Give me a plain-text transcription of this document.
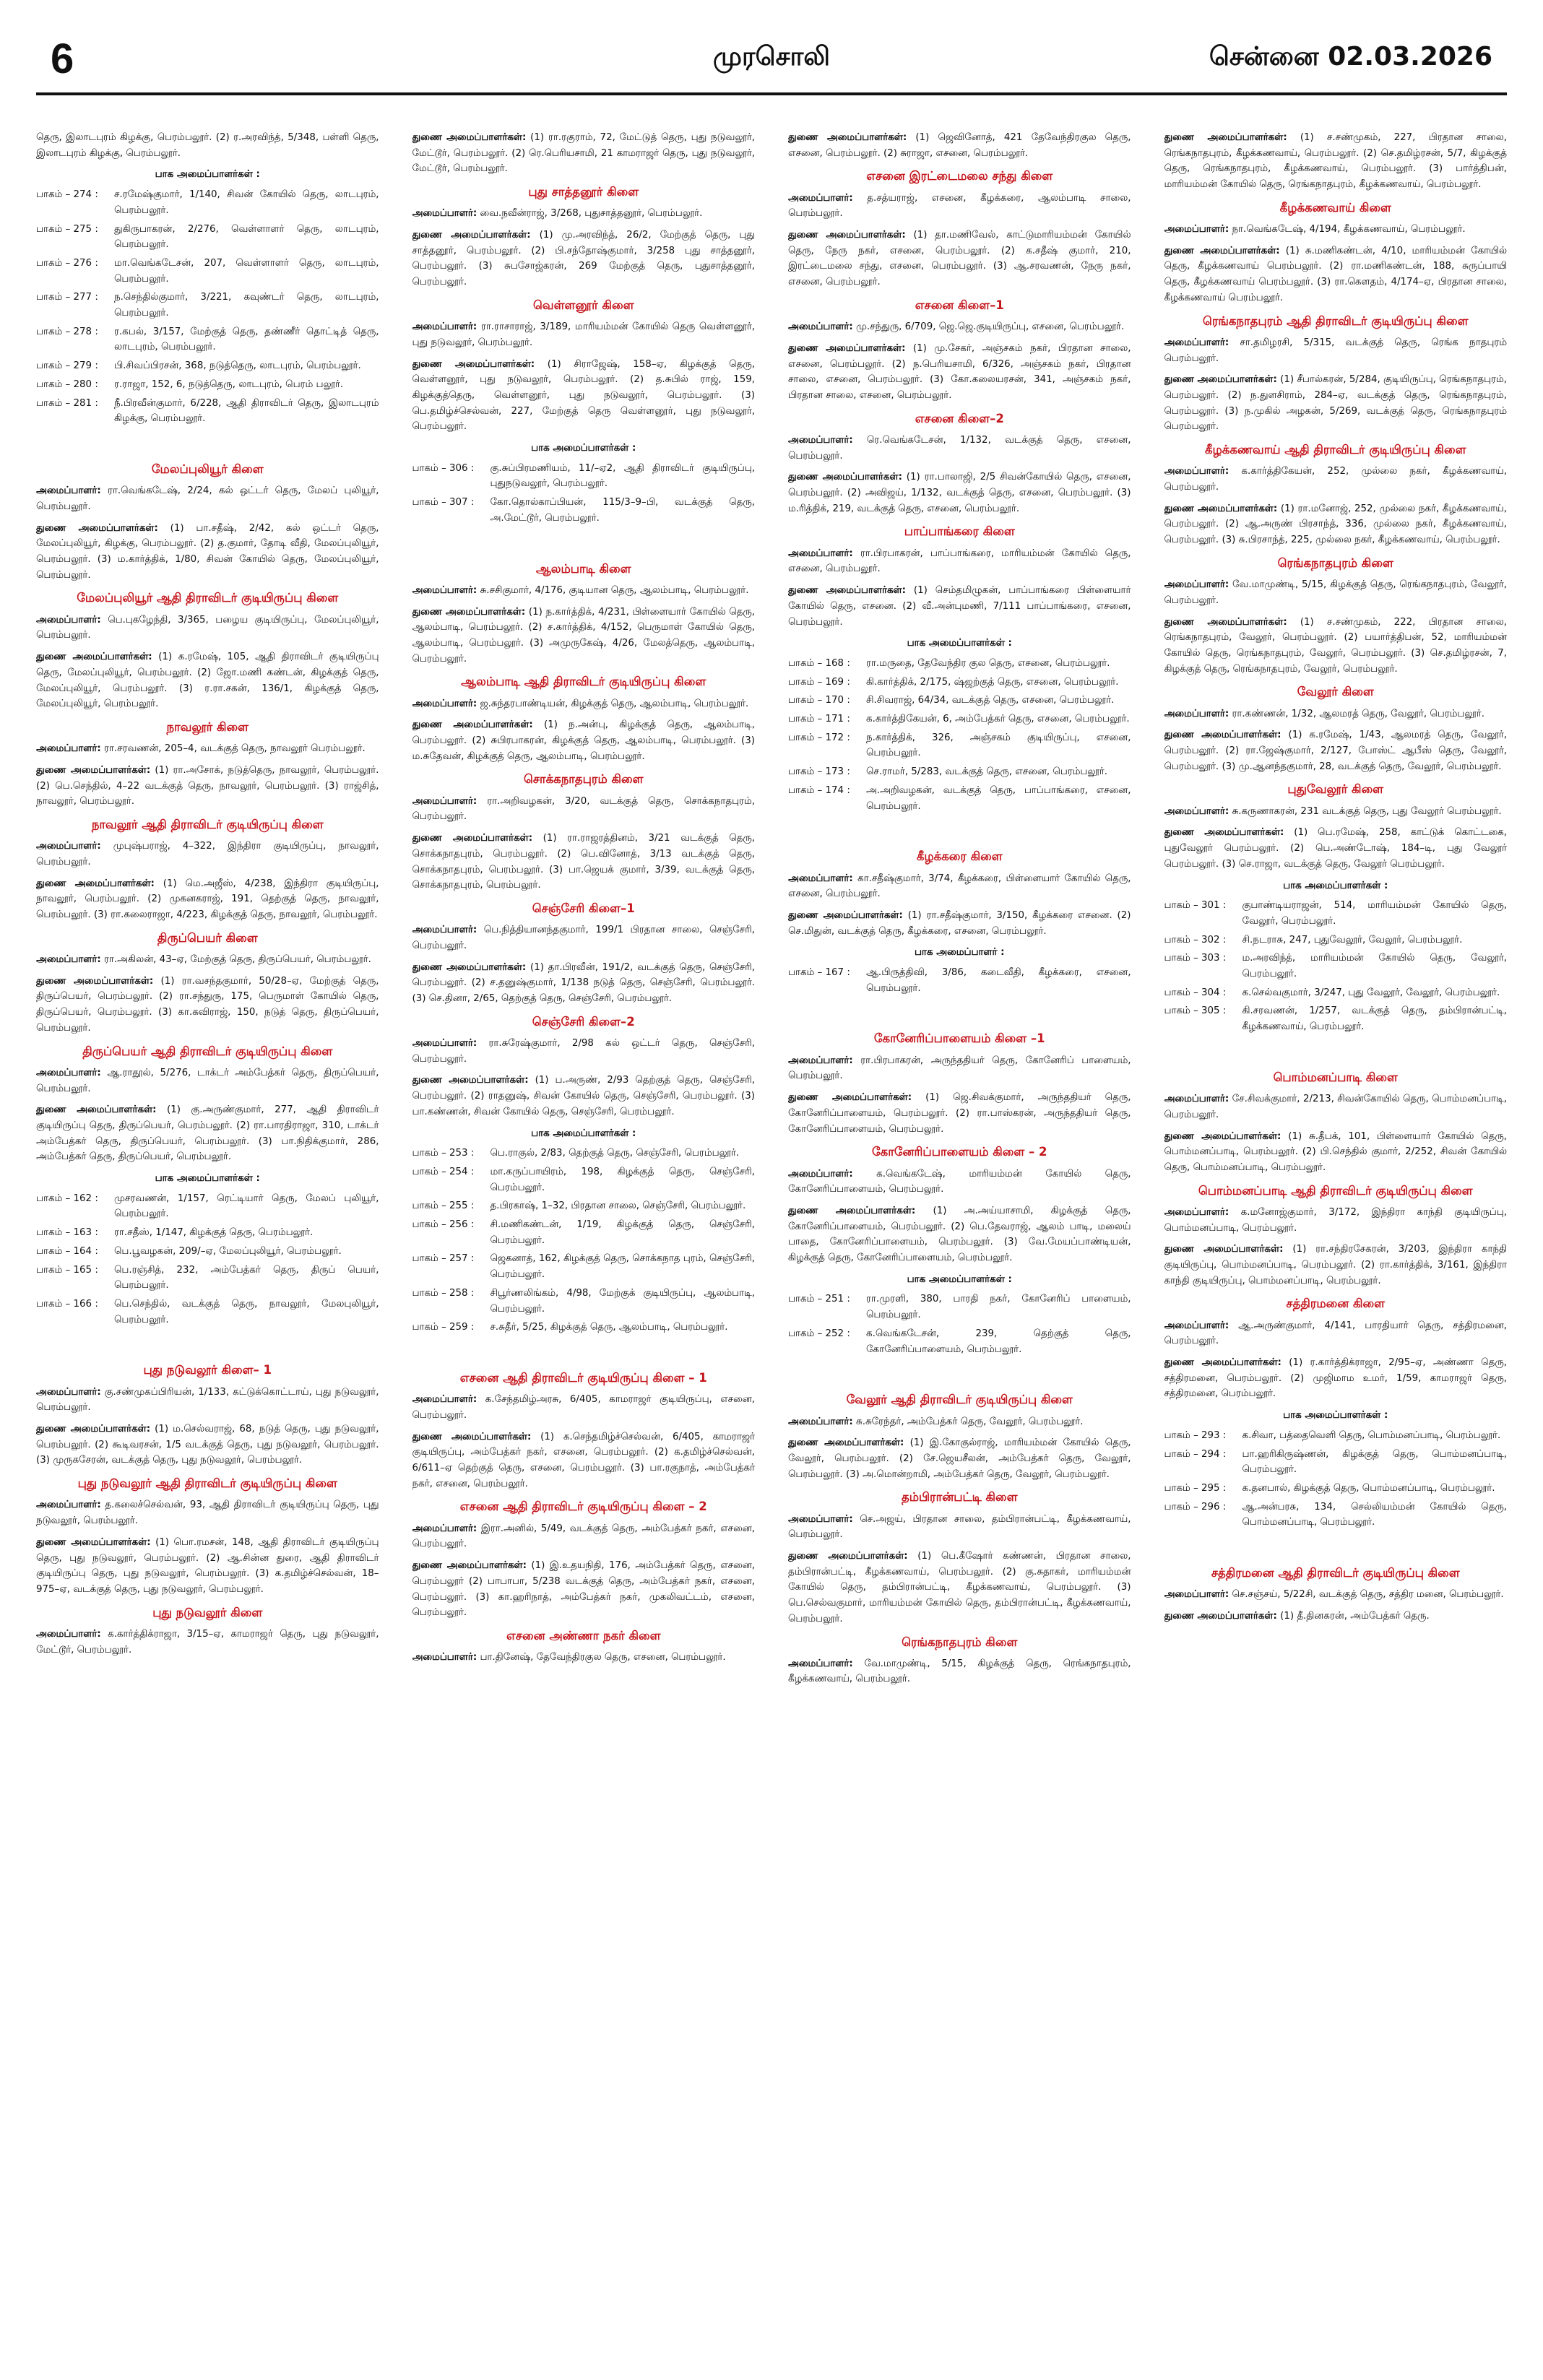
6	முரசொலி	சென்னை 02.03.2026

தெரு, இலாடபுரம் கிழக்கு, பெரம்பலூர். (2) ர.அரவிந்த், 5/348, பள்ளி தெரு, இலாடபுரம் கிழக்கு, பெரம்பலூர்.

பாக அமைப்பாளர்கள் :
பாகம் – 274 :	ச.ரமேஷ்குமார், 1/140, சிவன் கோயில் தெரு, லாடபுரம், பெரம்பலூர்.
பாகம் – 275 :	துகிருபாகரன், 2/276, வெள்ளாளர் தெரு, லாடபுரம், பெரம்பலூர்.
பாகம் – 276 :	மா.வெங்கடேசன், 207, வெள்ளாளர் தெரு, லாடபுரம், பெரம்பலூர்.
பாகம் – 277 :	ந.செந்தில்குமார், 3/221, கவுண்டர் தெரு, லாடபுரம், பெரம்பலூர்.
பாகம் – 278 :	ர.கபல், 3/157, மேற்குத் தெரு, தண்ணீர் தொட்டித் தெரு, லாடபுரம், பெரம்பலூர்.
பாகம் – 279 :	பி.சிவப்பிரசன், 368, நடுத்தெரு, லாடபுரம், பெரம்பலூர்.
பாகம் – 280 :	ர.ராஜா, 152, 6, நடுத்தெரு, லாடபுரம், பெரம் பலூர்.
பாகம் – 281 :	நீ.பிரவீன்குமார், 6/228, ஆதி திராவிடர் தெரு, இலாடபுரம் கிழக்கு, பெரம்பலூர்.
மேலப்புலியூர் கிளை

அமைப்பாளர்: ரா.வெங்கடேஷ், 2/24, கல் ஒட்டர் தெரு, மேலப் புலியூர், பெரம்பலூர்.

துணை அமைப்பாளர்கள்: (1) பா.சதீஷ், 2/42, கல் ஒட்டர் தெரு, மேலப்புலியூர், கிழக்கு, பெரம்பலூர். (2) த.குமார், தோடி வீதி, மேலப்புலியூர், பெரம்பலூர். (3) ம.கார்த்திக், 1/80, சிவன் கோயில் தெரு, மேலப்புலியூர், பெரம்பலூர்.

மேலப்புலியூர் ஆதி திராவிடர் குடியிருப்பு கிளை

அமைப்பாளர்: பெ.புகழேந்தி, 3/365, பழைய குடியிருப்பு, மேலப்புலியூர், பெரம்பலூர்.

துணை அமைப்பாளர்கள்: (1) க.ரமேஷ், 105, ஆதி திராவிடர் குடியிருப்பு தெரு, மேலப்புலியூர், பெரம்பலூர். (2) ஜோ.மணி கண்டன், கிழக்குத் தெரு, மேலப்புலியூர், பெரம்பலூர். (3) ர.ரா.சகன், 136/1, கிழக்குத் தெரு, மேலப்புலியூர், பெரம்பலூர்.

நாவலூர் கிளை

அமைப்பாளர்: ரா.சரவணன், 205–4, வடக்குத் தெரு, நாவலூர் பெரம்பலூர்.

துணை அமைப்பாளர்கள்: (1) ரா.அசோக், நடுத்தெரு, நாவலூர், பெரம்பலூர். (2) பெ.செந்தில், 4–22 வடக்குத் தெரு, நாவலூர், பெரம்பலூர். (3) ராஜ்சித், நாவலூர், பெரம்பலூர்.

நாவலூர் ஆதி திராவிடர் குடியிருப்பு கிளை

அமைப்பாளர்: முபுஷ்பராஜ், 4–322, இந்திரா குடியிருப்பு, நாவலூர், பெரம்பலூர்.

துணை அமைப்பாளர்கள்: (1) மெ.அஜீஸ், 4/238, இந்திரா குடியிருப்பு, நாவலூர், பெரம்பலூர். (2) முகனகராஜ், 191, தெற்குத் தெரு, நாவலூர், பெரம்பலூர். (3) ரா.கலைராஜா, 4/223, கிழக்குத் தெரு, நாவலூர், பெரம்பலூர்.

திருப்பெயர் கிளை

அமைப்பாளர்: ரா.அகிலன், 43–ஏ, மேற்குத் தெரு, திருப்பெயர், பெரம்பலூர்.

துணை அமைப்பாளர்கள்: (1) ரா.வசந்தகுமார், 50/28–ஏ, மேற்குத் தெரு, திருப்பெயர், பெரம்பலூர். (2) ரா.சந்துரு, 175, பெருமாள் கோயில் தெரு, திருப்பெயர், பெரம்பலூர். (3) கா.கவிராஜ், 150, நடுத் தெரு, திருப்பெயர், பெரம்பலூர்.

திருப்பெயர் ஆதி திராவிடர் குடியிருப்பு கிளை

அமைப்பாளர்: ஆ.ராதூல், 5/276, டாக்டர் அம்பேத்கர் தெரு, திருப்பெயர், பெரம்பலூர்.

துணை அமைப்பாளர்கள்: (1) கு.அருண்குமார், 277, ஆதி திராவிடர் குடியிருப்பு தெரு, திருப்பெயர், பெரம்பலூர். (2) ரா.பாரதிராஜா, 310, டாக்டர் அம்பேத்கர் தெரு, திருப்பெயர், பெரம்பலூர். (3) பா.நிதிக்குமார், 286, அம்பேத்கர் தெரு, திருப்பெயர், பெரம்பலூர்.

பாக அமைப்பாளர்கள் :
பாகம் – 162 :	முசரவணன், 1/157, ரெட்டியார் தெரு, மேலப் புலியூர், பெரம்பலூர்.
பாகம் – 163 :	ரா.சதீஸ், 1/147, கிழக்குத் தெரு, பெரம்பலூர்.
பாகம் – 164 :	பெ.பூவழகன், 209/–ஏ, மேலப்புலியூர், பெரம்பலூர்.
பாகம் – 165 :	பெ.ரஞ்சித், 232, அம்பேத்கர் தெரு, திருப் பெயர், பெரம்பலூர்.
பாகம் – 166 :	பெ.செந்தில், வடக்குத் தெரு, நாவலூர், மேலபுலியூர், பெரம்பலூர்.
புது நடுவலூர் கிளை– 1

அமைப்பாளர்: கு.சண்முகப்பிரியன், 1/133, கட்டுக்கொட்டாய், புது நடுவலூர், பெரம்பலூர்.

துணை அமைப்பாளர்கள்: (1) ம.செல்வராஜ், 68, நடுத் தெரு, புது நடுவலூர், பெரம்பலூர். (2) கூடிவரசன், 1/5 வடக்குத் தெரு, புது நடுவலூர், பெரம்பலூர். (3) முருகசேரன், வடக்குத் தெரு, புது நடுவலூர், பெரம்பலூர்.

புது நடுவலூர் ஆதி திராவிடர் குடியிருப்பு கிளை

அமைப்பாளர்: த.கலைச்செல்வன், 93, ஆதி திராவிடர் குடியிருப்பு தெரு, புது நடுவலூர், பெரம்பலூர்.

துணை அமைப்பாளர்கள்: (1) பொ.ரமசன், 148, ஆதி திராவிடர் குடியிருப்பு தெரு, புது நடுவலூர், பெரம்பலூர். (2) ஆ.சின்ன துரை, ஆதி திராவிடர் குடியிருப்பு தெரு, புது நடுவலூர், பெரம்பலூர். (3) க.தமிழ்ச்செல்வன், 18–975–ஏ, வடக்குத் தெரு, புது நடுவலூர், பெரம்பலூர்.

புது நடுவலூர் கிளை

அமைப்பாளர்: க.கார்த்திக்ராஜா, 3/15–ஏ, காமராஜர் தெரு, புது நடுவலூர், மேட்டூர், பெரம்பலூர்.

துணை அமைப்பாளர்கள்: (1) ரா.ரகுராம், 72, மேட்டுத் தெரு, புது நடுவலூர், மேட்டூர், பெரம்பலூர். (2) ரெ.பெரியசாமி, 21 காமராஜர் தெரு, புது நடுவலூர், மேட்டூர், பெரம்பலூர்.

புது சாத்தனூர் கிளை

அமைப்பாளர்: வை.நவீன்ராஜ், 3/268, புதுசாத்தனூர், பெரம்பலூர்.

துணை அமைப்பாளர்கள்: (1) மு.அரவிந்த், 26/2, மேற்குத் தெரு, புது சாத்தனூர், பெரம்பலூர். (2) பி.சந்தோஷ்குமார், 3/258 புது சாத்தனூர், பெரம்பலூர். (3) சுபசோஜ்கரன், 269 மேற்குத் தெரு, புதுசாத்தனூர், பெரம்பலூர்.

வெள்ளனூர் கிளை

அமைப்பாளர்: ரா.ராசாராஜ், 3/189, மாரியம்மன் கோயில் தெரு வெள்ளனூர், புது நடுவலூர், பெரம்பலூர்.

துணை அமைப்பாளர்கள்: (1) சிராஜேஷ், 158–ஏ, கிழக்குத் தெரு, வெள்ளனூர், புது நடுவலூர், பெரம்பலூர். (2) த.சுபில் ராஜ், 159, கிழக்குத்தெரு, வெள்ளனூர், புது நடுவலூர், பெரம்பலூர். (3) பெ.தமிழ்ச்செல்வன், 227, மேற்குத் தெரு வெள்ளனூர், புது நடுவலூர், பெரம்பலூர்.

பாக அமைப்பாளர்கள் :
பாகம் – 306 :	கு.சுப்பிரமணியம், 11/–ஏ2, ஆதி திராவிடர் குடியிருப்பு, புதுநடுவலூர், பெரம்பலூர்.
பாகம் – 307 :	கோ.தொல்காப்பியன், 115/3–9–பி, வடக்குத் தெரு, அ.மேட்டூர், பெரம்பலூர்.
ஆலம்பாடி கிளை

அமைப்பாளர்: சு.சசிகுமார், 4/176, குடியான தெரு, ஆலம்பாடி, பெரம்பலூர்.

துணை அமைப்பாளர்கள்: (1) ந.கார்த்திக், 4/231, பிள்ளையார் கோயில் தெரு, ஆலம்பாடி, பெரம்பலூர். (2) ச.கார்த்திக், 4/152, பெருமாள் கோயில் தெரு, ஆலம்பாடி, பெரம்பலூர். (3) அமுருகேஷ், 4/26, மேலத்தெரு, ஆலம்பாடி, பெரம்பலூர்.

ஆலம்பாடி ஆதி திராவிடர் குடியிருப்பு கிளை

அமைப்பாளர்: ஜ.சுந்தரபாண்டியன், கிழக்குத் தெரு, ஆலம்பாடி, பெரம்பலூர்.

துணை அமைப்பாளர்கள்: (1) ந.அன்பு, கிழக்குத் தெரு, ஆலம்பாடி, பெரம்பலூர். (2) சுபிரபாகரன், கிழக்குத் தெரு, ஆலம்பாடி, பெரம்பலூர். (3) ம.சுதேவன், கிழக்குத் தெரு, ஆலம்பாடி, பெரம்பலூர்.

சொக்கநாதபுரம் கிளை

அமைப்பாளர்: ரா.அறிவழகன், 3/20, வடக்குத் தெரு, சொக்கநாதபுரம், பெரம்பலூர்.

துணை அமைப்பாளர்கள்: (1) ரா.ராஜரத்தினம், 3/21 வடக்குத் தெரு, சொக்கநாதபுரம், பெரம்பலூர். (2) பெ.வினோத், 3/13 வடக்குத் தெரு, சொக்கநாதபுரம், பெரம்பலூர். (3) பா.ஜெயக் குமார், 3/39, வடக்குத் தெரு, சொக்கநாதபுரம், பெரம்பலூர்.

செஞ்சேரி கிளை–1

அமைப்பாளர்: பெ.நித்தியானந்தகுமார், 199/1 பிரதான சாலை, செஞ்சேரி, பெரம்பலூர்.

துணை அமைப்பாளர்கள்: (1) தா.பிரவீன், 191/2, வடக்குத் தெரு, செஞ்சேரி, பெரம்பலூர். (2) ச.தனுஷ்குமார், 1/138 நடுத் தெரு, செஞ்சேரி, பெரம்பலூர். (3) செ.தினா, 2/65, தெற்குத் தெரு, செஞ்சேரி, பெரம்பலூர்.

செஞ்சேரி கிளை–2

அமைப்பாளர்: ரா.சுரேஷ்குமார், 2/98 கல் ஒட்டர் தெரு, செஞ்சேரி, பெரம்பலூர்.

துணை அமைப்பாளர்கள்: (1) ப.அருண், 2/93 தெற்குத் தெரு, செஞ்சேரி, பெரம்பலூர். (2) ராதனுஷ், சிவன் கோயில் தெரு, செஞ்சேரி, பெரம்பலூர். (3) பா.கண்ணன், சிவன் கோயில் தெரு, செஞ்சேரி, பெரம்பலூர்.

பாக அமைப்பாளர்கள் :
பாகம் – 253 :	பெ.ராகுல், 2/83, தெற்குத் தெரு, செஞ்சேரி, பெரம்பலூர்.
பாகம் – 254 :	மா.கருப்பாயிரம், 198, கிழக்குத் தெரு, செஞ்சேரி, பெரம்பலூர்.
பாகம் – 255 :	த.பிரகாஷ், 1–32, பிரதான சாலை, செஞ்சேரி, பெரம்பலூர்.
பாகம் – 256 :	சி.மணிகண்டன், 1/19, கிழக்குத் தெரு, செஞ்சேரி, பெரம்பலூர்.
பாகம் – 257 :	ஜெகனாத், 162, கிழக்குத் தெரு, சொக்கநாத புரம், செஞ்சேரி, பெரம்பலூர்.
பாகம் – 258 :	சிபூர்ணலிங்கம், 4/98, மேற்குக் குடியிருப்பு, ஆலம்பாடி, பெரம்பலூர்.
பாகம் – 259 :	ச.சுதீர், 5/25, கிழக்குத் தெரு, ஆலம்பாடி, பெரம்பலூர்.
எசனை ஆதி திராவிடர் குடியிருப்பு கிளை – 1

அமைப்பாளர்: க.சேந்தமிழ்அரசு, 6/405, காமராஜர் குடியிருப்பு, எசனை, பெரம்பலூர்.

துணை அமைப்பாளர்கள்: (1) க.செந்தமிழ்ச்செல்வன், 6/405, காமராஜர் குடியிருப்பு, அம்பேத்கர் நகர், எசனை, பெரம்பலூர். (2) க.தமிழ்ச்செல்வன், 6/611–ஏ தெற்குத் தெரு, எசனை, பெரம்பலூர். (3) பா.ரகுநாத், அம்பேத்கர் நகர், எசனை, பெரம்பலூர்.

எசனை ஆதி திராவிடர் குடியிருப்பு கிளை – 2

அமைப்பாளர்: இரா.அனில், 5/49, வடக்குத் தெரு, அம்பேத்கர் நகர், எசனை, பெரம்பலூர்.

துணை அமைப்பாளர்கள்: (1) இ.உதயநிதி, 176, அம்பேத்கர் தெரு, எசனை, பெரம்பலூர் (2) பாபாபா, 5/238 வடக்குத் தெரு, அம்பேத்கர் நகர், எசனை, பெரம்பலூர். (3) கா.ஹரிநாத், அம்பேத்கர் நகர், முகலிவட்டம், எசனை, பெரம்பலூர்.

எசனை அண்ணா நகர் கிளை

அமைப்பாளர்: பா.தினேஷ், தேவேந்திரகுல தெரு, எசனை, பெரம்பலூர்.

துணை அமைப்பாளர்கள்: (1) ஜெவினோத், 421 தேவேந்திரகுல தெரு, எசனை, பெரம்பலூர். (2) சுராஜா, எசனை, பெரம்பலூர்.

எசனை இரட்டைமலை சந்து கிளை

அமைப்பாளர்: த.சத்யராஜ், எசனை, கீழக்கரை, ஆலம்பாடி சாலை, பெரம்பலூர்.

துணை அமைப்பாளர்கள்: (1) தா.மணிவேல், காட்டுமாரியம்மன் கோயில் தெரு, நேரு நகர், எசனை, பெரம்பலூர். (2) க.சதீஷ் குமார், 210, இரட்டைமலை சந்து, எசனை, பெரம்பலூர். (3) ஆ.சரவணன், நேரு நகர், எசனை, பெரம்பலூர்.

எசனை கிளை–1

அமைப்பாளர்: மு.சந்துரு, 6/709, ஜெ.ஜெ.குடியிருப்பு, எசனை, பெரம்பலூர்.

துணை அமைப்பாளர்கள்: (1) மு.சேகர், அஞ்சகம் நகர், பிரதான சாலை, எசனை, பெரம்பலூர். (2) ந.பெரியசாமி, 6/326, அஞ்சகம் நகர், பிரதான சாலை, எசனை, பெரம்பலூர். (3) கோ.கலையரசன், 341, அஞ்சகம் நகர், பிரதான சாலை, எசனை, பெரம்பலூர்.

எசனை கிளை–2

அமைப்பாளர்: ரெ.வெங்கடேசன், 1/132, வடக்குத் தெரு, எசனை, பெரம்பலூர்.

துணை அமைப்பாளர்கள்: (1) ரா.பாலாஜி, 2/5 சிவன்கோயில் தெரு, எசனை, பெரம்பலூர். (2) அவிஜய், 1/132, வடக்குத் தெரு, எசனை, பெரம்பலூர். (3) ம.ரித்திக், 219, வடக்குத் தெரு, எசனை, பெரம்பலூர்.

பாப்பாங்கரை கிளை

அமைப்பாளர்: ரா.பிரபாகரன், பாப்பாங்கரை, மாரியம்மன் கோயில் தெரு, எசனை, பெரம்பலூர்.

துணை அமைப்பாளர்கள்: (1) செம்தமிழுகன், பாப்பாங்கரை பிள்ளையார் கோயில் தெரு, எசனை. (2) வீ.அன்புமணி, 7/111 பாப்பாங்கரை, எசனை, பெரம்பலூர்.

பாக அமைப்பாளர்கள் :
பாகம் – 168 :	ரா.மருதை, தேவேந்திர குல தெரு, எசனை, பெரம்பலூர்.
பாகம் – 169 :	கி.கார்த்திக், 2/175, ஷ்ஜற்குத் தெரு, எசனை, பெரம்பலூர்.
பாகம் – 170 :	சி.சிவராஜ், 64/34, வடக்குத் தெரு, எசனை, பெரம்பலூர்.
பாகம் – 171 :	க.கார்த்திகேயன், 6, அம்பேத்கர் தெரு, எசனை, பெரம்பலூர்.
பாகம் – 172 :	ந.கார்த்திக், 326, அஞ்சகம் குடியிருப்பு, எசனை, பெரம்பலூர்.
பாகம் – 173 :	செ.ராமர், 5/283, வடக்குத் தெரு, எசனை, பெரம்பலூர்.
பாகம் – 174 :	அ.அறிவழகன், வடக்குத் தெரு, பாப்பாங்கரை, எசனை, பெரம்பலூர்.
கீழக்கரை கிளை

அமைப்பாளர்: கா.சதீஷ்குமார், 3/74, கீழக்கரை, பிள்ளையார் கோயில் தெரு, எசனை, பெரம்பலூர்.

துணை அமைப்பாளர்கள்: (1) ரா.சதீஷ்குமார், 3/150, கீழக்கரை எசனை. (2) செ.மிதுன், வடக்குத் தெரு, கீழக்கரை, எசனை, பெரம்பலூர்.

பாக அமைப்பாளர் :
பாகம் – 167 :	ஆ.பிருத்திவி, 3/86, கடைவீதி, கீழக்கரை, எசனை, பெரம்பலூர்.
கோனேரிப்பாளையம் கிளை –1

அமைப்பாளர்: ரா.பிரபாகரன், அருந்ததியர் தெரு, கோனேரிப் பாளையம், பெரம்பலூர்.

துணை அமைப்பாளர்கள்: (1) ஜெ.சிவக்குமார், அருந்ததியர் தெரு, கோனேரிப்பாளையம், பெரம்பலூர். (2) ரா.பாஸ்கரன், அருந்ததியர் தெரு, கோனேரிப்பாளையம், பெரம்பலூர்.

கோனேரிப்பாளையம் கிளை – 2

அமைப்பாளர்: க.வெங்கடேஷ், மாரியம்மன் கோயில் தெரு, கோனேரிப்பாளையம், பெரம்பலூர்.

துணை அமைப்பாளர்கள்: (1) அ.அய்யாசாமி, கிழக்குத் தெரு, கோனேரிப்பாளையம், பெரம்பலூர். (2) பெ.தேவராஜ், ஆலம் பாடி, மலைய் பாதை, கோனேரிப்பாளையம், பெரம்பலூர். (3) வே.மேயப்பாண்டியன், கிழக்குத் தெரு, கோனேரிப்பாளையம், பெரம்பலூர்.

பாக அமைப்பாளர்கள் :
பாகம் – 251 :	ரா.முரளி, 380, பாரதி நகர், கோனேரிப் பாளையம், பெரம்பலூர்.
பாகம் – 252 :	க.வெங்கடேசன், 239, தெற்குத் தெரு, கோனேரிப்பாளையம், பெரம்பலூர்.
வேலூர் ஆதி திராவிடர் குடியிருப்பு கிளை

அமைப்பாளர்: சு.சுரேந்தர், அம்பேத்கர் தெரு, வேலூர், பெரம்பலூர்.

துணை அமைப்பாளர்கள்: (1) இ.கோகுல்ராஜ், மாரியம்மன் கோயில் தெரு, வேலூர், பெரம்பலூர். (2) சே.ஜெயசீலன், அம்பேத்கர் தெரு, வேலூர், பெரம்பலூர். (3) அ.மொன்றாமி, அம்பேத்கர் தெரு, வேலூர், பெரம்பலூர்.

தம்பிரான்பட்டி கிளை

அமைப்பாளர்: செ.அஜய், பிரதான சாலை, தம்பிரான்பட்டி, கீழக்கணவாய், பெரம்பலூர்.

துணை அமைப்பாளர்கள்: (1) பெ.கீஷோர் கண்ணன், பிரதான சாலை, தம்பிரான்பட்டி, கீழக்கணவாய், பெரம்பலூர். (2) கு.சுதாகர், மாரியம்மன் கோயில் தெரு, தம்பிரான்பட்டி, கீழக்கணவாய், பெரம்பலூர். (3) பெ.செல்வகுமார், மாரியம்மன் கோயில் தெரு, தம்பிரான்பட்டி, கீழக்கணவாய், பெரம்பலூர்.

ரெங்கநாதபுரம் கிளை

அமைப்பாளர்: வே.மாமுண்டி, 5/15, கிழக்குத் தெரு, ரெங்கநாதபுரம், கீழக்கணவாய், பெரம்பலூர்.

துணை அமைப்பாளர்கள்: (1) ச.சண்முகம், 227, பிரதான சாலை, ரெங்கநாதபுரம், கீழக்கணவாய், பெரம்பலூர். (2) செ.தமிழ்ரசன், 5/7, கிழக்குத் தெரு, ரெங்கநாதபுரம், கீழக்கணவாய், பெரம்பலூர். (3) பார்த்திபன், மாரியம்மன் கோயில் தெரு, ரெங்கநாதபுரம், கீழக்கணவாய், பெரம்பலூர்.

கீழக்கணவாய் கிளை

அமைப்பாளர்: நா.வெங்கடேஷ், 4/194, கீழக்கணவாய், பெரம்பலூர்.

துணை அமைப்பாளர்கள்: (1) சு.மணிகண்டன், 4/10, மாரியம்மன் கோயில் தெரு, கீழக்கணவாய் பெரம்பலூர். (2) ரா.மணிகண்டன், 188, சுருப்பாயி தெரு, கீழக்கணவாய் பெரம்பலூர். (3) ரா.கௌதம், 4/174–ஏ, பிரதான சாலை, கீழக்கணவாய் பெரம்பலூர்.

ரெங்கநாதபுரம் ஆதி திராவிடர் குடியிருப்பு கிளை

அமைப்பாளர்: சா.தமிழரசி, 5/315, வடக்குத் தெரு, ரெங்க நாதபுரம் பெரம்பலூர்.

துணை அமைப்பாளர்கள்: (1) சீபால்கரன், 5/284, குடியிருப்பு, ரெங்கநாதபுரம், பெரம்பலூர். (2) ந.துளசிராம், 284–ஏ, வடக்குத் தெரு, ரெங்கநாதபுரம், பெரம்பலூர். (3) ந.முகில் அழகன், 5/269, வடக்குத் தெரு, ரெங்கநாதபுரம் பெரம்பலூர்.

கீழக்கணவாய் ஆதி திராவிடர் குடியிருப்பு கிளை

அமைப்பாளர்: க.கார்த்திகேயன், 252, முல்லை நகர், கீழக்கணவாய், பெரம்பலூர்.

துணை அமைப்பாளர்கள்: (1) ரா.மனோஜ், 252, முல்லை நகர், கீழக்கணவாய், பெரம்பலூர். (2) ஆ.அருண் பிரசாந்த், 336, முல்லை நகர், கீழக்கணவாய், பெரம்பலூர். (3) சு.பிரசாந்த், 225, முல்லை நகர், கீழக்கணவாய், பெரம்பலூர்.

ரெங்கநாதபுரம் கிளை

அமைப்பாளர்: வே.மாமுண்டி, 5/15, கிழக்குத் தெரு, ரெங்கநாதபுரம், வேலூர், பெரம்பலூர்.

துணை அமைப்பாளர்கள்: (1) ச.சண்முகம், 222, பிரதான சாலை, ரெங்கநாதபுரம், வேலூர், பெரம்பலூர். (2) பயார்த்திபன், 52, மாரியம்மன் கோயில் தெரு, ரெங்கநாதபுரம், வேலூர், பெரம்பலூர். (3) செ.தமிழ்ரசன், 7, கிழக்குத் தெரு, ரெங்கநாதபுரம், வேலூர், பெரம்பலூர்.

வேலூர் கிளை

அமைப்பாளர்: ரா.கண்ணன், 1/32, ஆலமரத் தெரு, வேலூர், பெரம்பலூர்.

துணை அமைப்பாளர்கள்: (1) க.ரமேஷ், 1/43, ஆலமரத் தெரு, வேலூர், பெரம்பலூர். (2) ரா.ஜேஷ்குமார், 2/127, போஸ்ட் ஆபீஸ் தெரு, வேலூர், பெரம்பலூர். (3) மு.ஆனந்தகுமார், 28, வடக்குத் தெரு, வேலூர், பெரம்பலூர்.

புதுவேலூர் கிளை

அமைப்பாளர்: சு.கருணாகரன், 231 வடக்குத் தெரு, புது வேலூர் பெரம்பலூர்.

துணை அமைப்பாளர்கள்: (1) பெ.ரமேஷ், 258, காட்டுக் கொட்டகை, புதுவேலூர் பெரம்பலூர். (2) பெ.அண்டோஷ், 184–டி, புது வேலூர் பெரம்பலூர். (3) செ.ராஜா, வடக்குத் தெரு, வேலூர் பெரம்பலூர்.

பாக அமைப்பாளர்கள் :
பாகம் – 301 :	குபாண்டியராஜன், 514, மாரியம்மன் கோயில் தெரு, வேலூர், பெரம்பலூர்.
பாகம் – 302 :	சி.நடராசு, 247, புதுவேலூர், வேலூர், பெரம்பலூர்.
பாகம் – 303 :	ம.அரவிந்த், மாரியம்மன் கோயில் தெரு, வேலூர், பெரம்பலூர்.
பாகம் – 304 :	க.செல்வகுமார், 3/247, புது வேலூர், வேலூர், பெரம்பலூர்.
பாகம் – 305 :	கி.சரவணன், 1/257, வடக்குத் தெரு, தம்பிரான்பட்டி, கீழக்கணவாய், பெரம்பலூர்.
பொம்மனப்பாடி கிளை

அமைப்பாளர்: சே.சிவக்குமார், 2/213, சிவன்கோயில் தெரு, பொம்மனப்பாடி, பெரம்பலூர்.

துணை அமைப்பாளர்கள்: (1) சு.தீபக், 101, பிள்ளையார் கோயில் தெரு, பொம்மனப்பாடி, பெரம்பலூர். (2) பி.செந்தில் குமார், 2/252, சிவன் கோயில் தெரு, பொம்மனப்பாடி, பெரம்பலூர்.

பொம்மனப்பாடி ஆதி திராவிடர் குடியிருப்பு கிளை

அமைப்பாளர்: க.மனோஜ்குமார், 3/172, இந்திரா காந்தி குடியிருப்பு, பொம்மனப்பாடி, பெரம்பலூர்.

துணை அமைப்பாளர்கள்: (1) ரா.சந்திரசேகரன், 3/203, இந்திரா காந்தி குடியிருப்பு, பொம்மனப்பாடி, பெரம்பலூர். (2) ரா.கார்த்திக், 3/161, இந்திரா காந்தி குடியிருப்பு, பொம்மனப்பாடி, பெரம்பலூர்.

சத்திரமனை கிளை

அமைப்பாளர்: ஆ.அருண்குமார், 4/141, பாரதியார் தெரு, சத்திரமனை, பெரம்பலூர்.

துணை அமைப்பாளர்கள்: (1) ர.கார்த்திக்ராஜா, 2/95–ஏ, அண்ணா தெரு, சத்திரமனை, பெரம்பலூர். (2) முஜிமாம உமர், 1/59, காமராஜர் தெரு, சத்திரமனை, பெரம்பலூர்.

பாக அமைப்பாளர்கள் :
பாகம் – 293 :	க.சிவா, பத்தைவெளி தெரு, பொம்மனப்பாடி, பெரம்பலூர்.
பாகம் – 294 :	பா.ஹரிகிருஷ்ணன், கிழக்குத் தெரு, பொம்மனப்பாடி, பெரம்பலூர்.
பாகம் – 295 :	க.தனபால், கிழக்குத் தெரு, பொம்மனப்பாடி, பெரம்பலூர்.
பாகம் – 296 :	ஆ.அன்பரசு, 134, செல்லியம்மன் கோயில் தெரு, பொம்மனப்பாடி, பெரம்பலூர்.
சத்திரமனை ஆதி திராவிடர் குடியிருப்பு கிளை

அமைப்பாளர்: செ.சஞ்சய், 5/22சி, வடக்குத் தெரு, சத்திர மனை, பெரம்பலூர்.

துணை அமைப்பாளர்கள்: (1) தீ.தினகரன், அம்பேத்கர் தெரு.
